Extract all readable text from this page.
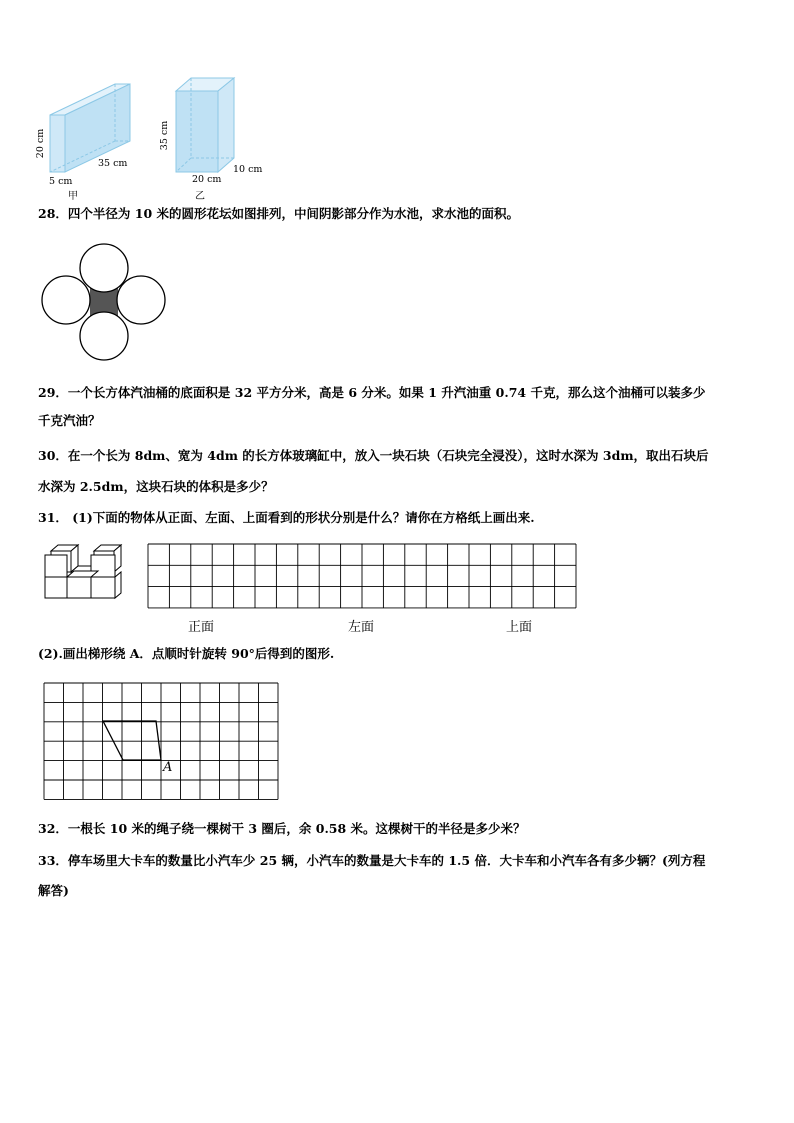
20 cm
35 cm
5 cm
甲
35 cm
20 cm
10 cm
乙
28．四个半径为 10 米的圆形花坛如图排列，中间阴影部分作为水池，求水池的面积。
29．一个长方体汽油桶的底面积是 32 平方分米，高是 6 分米。如果 1 升汽油重 0.74 千克，那么这个油桶可以装多少
千克汽油？
30．在一个长为 8dm、宽为 4dm 的长方体玻璃缸中，放入一块石块（石块完全浸没），这时水深为 3dm，取出石块后
水深为 2.5dm，这块石块的体积是多少？
31． (1)下面的物体从正面、左面、上面看到的形状分别是什么？请你在方格纸上画出来.
正面	左面	上面
(2).画出梯形绕 A．点顺时针旋转 90°后得到的图形.
A
32．一根长 10 米的绳子绕一棵树干 3 圈后，余 0.58 米。这棵树干的半径是多少米？
33．停车场里大卡车的数量比小汽车少 25 辆，小汽车的数量是大卡车的 1.5 倍．大卡车和小汽车各有多少辆？(列方程
解答)
